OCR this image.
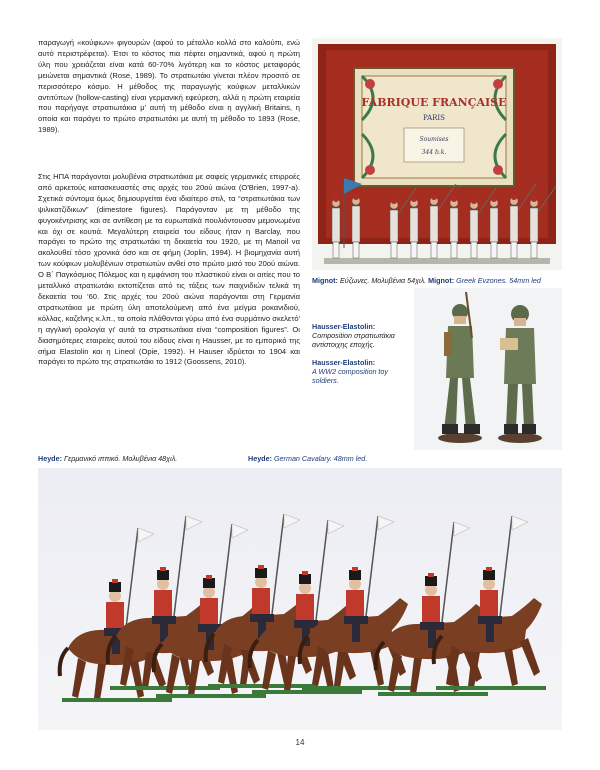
παραγωγή «κούφιων» φιγουρών (αφού το μέταλλο κολλά στο καλούπι, ενώ αυτό περιστρέφεται). Έτσι το κόστος πια πέφτει σημαντικά, αφού η πρώτη ύλη που χρειάζεται είναι κατά 60-70% λιγότερη και το κόστος μεταφοράς μειώνεται σημαντικά (Rose, 1989). Το στρατιωτάκι γίνεται πλέον προσιτό σε περισσότερο κόσμο. Η μέθοδος της παραγωγής κούφιων μεταλλικών αντιτύπων (hollow-casting) είναι γερμανική εφεύρεση, αλλά η πρώτη εταιρεία που παρήγαγε στρατιωτάκια μ' αυτή τη μέθοδο είναι η αγγλική Britains, η οποία και παράγει το πρώτο στρατιωτάκι με αυτή τη μέθοδο το 1893 (Rose, 1989).

Στις ΗΠΑ παράγονται μολυβένια στρατιωτάκια με σαφείς γερμανικές επιρροές από αρκετούς κατασκευαστές στις αρχές του 20ού αιώνα (O'Brien, 1997-a). Σχετικά σύντομα όμως δημιουργείται ένα ιδιαίτερο στιλ, τα “στρατιωτάκια των ψιλικατζίδικων” (dimestore figures). Παράγονταν με τη μέθοδο της φυγοκέντρισης και σε αντίθεση με τα ευρωπαϊκά πουλιόντουσαν μεμονωμένα και όχι σε κουτιά. Μεγαλύτερη εταιρεία του είδους ήταν η Barclay, που παράγει το πρώτο της στρατιωτάκι τη δεκαετία του 1920, με τη Manoil να ακολουθεί τόσο χρονικά όσο και σε φήμη (Joplin, 1994). Η βιομηχανία αυτή των κούφιων μολυβένιων στρατιωτών ανθεί στο πρώτο μισό του 20ού αιώνα. Ο Β΄ Παγκόσμιος Πόλεμος και η εμφάνιση του πλαστικού είναι οι αιτίες που το μεταλλικό στρατιωτάκι εκτοπίζεται από τις τάξεις των παιχνιδιών τελικά τη δεκαετία του '60. Στις αρχές του 20ού αιώνα παράγονται στη Γερμανία στρατιωτάκια με πρώτη ύλη αποτελούμενη από ένα μείγμα ροκανιδιού, κόλλας, καζεΐνης κ.λπ., τα οποία πλάθονται γύρω από ένα συρμάτινο σκελετό' η αγγλική ορολογία γι' αυτά τα στρατιωτάκια είναι “composition figures”. Οι διασημότερες εταιρείες αυτού του είδους είναι η Hausser, με το εμπορικό της σήμα Elastolin και η Lineol (Opie, 1992). Η Hauser ιδρύεται το 1904 και παράγει το πρώτο της στρατιωτάκι το 1912 (Goossens, 2010).

FABRIQUE FRANÇAISE
PARIS
Soumises
344 b.k.
Mignot: Εύζωνες. Μολυβένια 54χιλ. Mignot: Greek Evzones. 54mm led
Hausser-Elastolin:
Composition στρατιωτάκια αντίστοιχης εποχής.

Hausser-Elastolin:
A WW2 composition toy soldiers.
Heyde: Γερμανικό ιππικό. Μολυβένια 48χιλ.	Heyde: German Cavalary. 48mm led.
14
